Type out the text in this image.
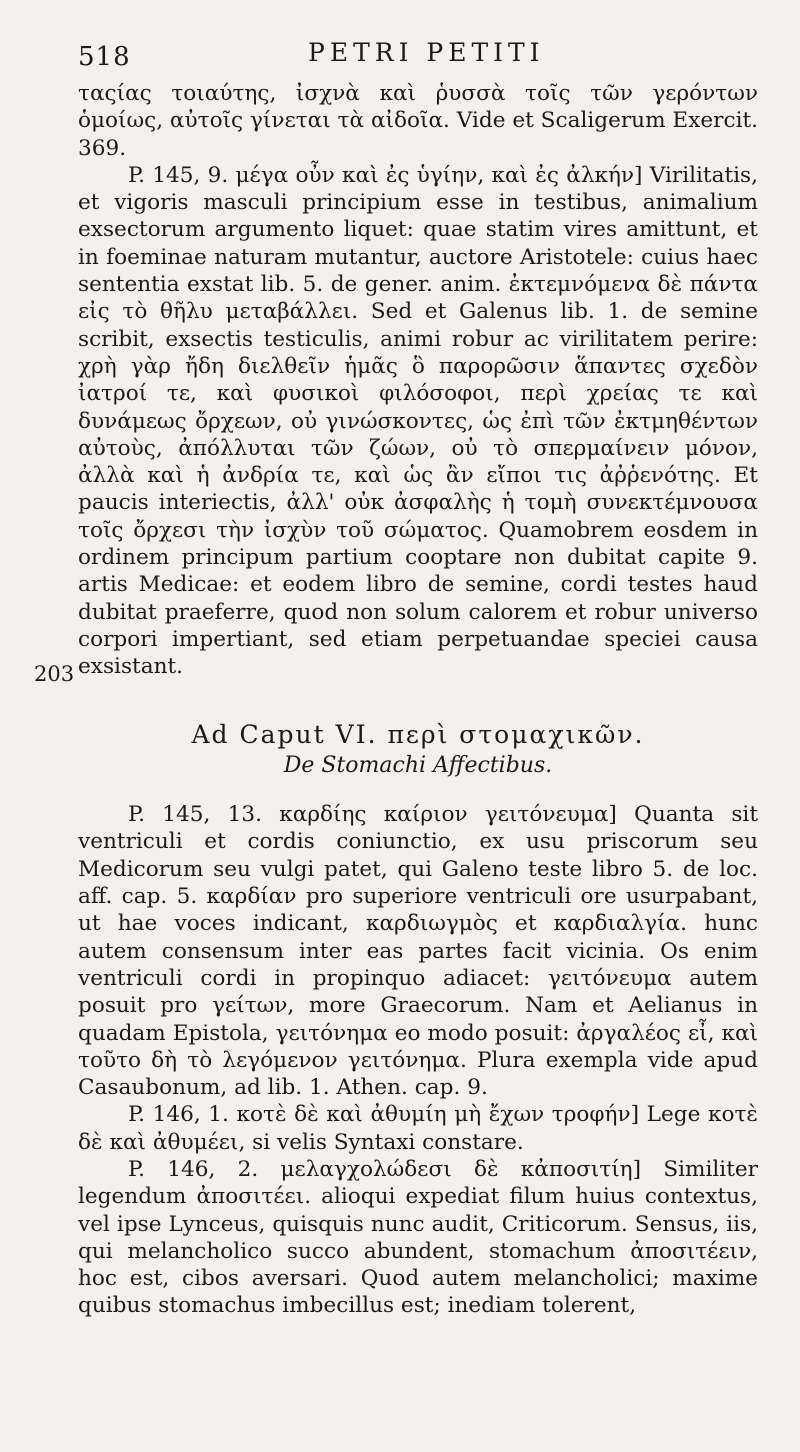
518	PETRI PETITI

ταςίας τοιαύτης, ἰσχνὰ καὶ ῥυσσὰ τοῖς τῶν γερόντων ὁμοίως, αὐτοῖς γίνεται τὰ αἰδοῖα. Vide et Scaligerum Exercit. 369.

P. 145, 9. μέγα οὖν καὶ ἐς ὑγίην, καὶ ἐς ἀλκήν] Virilitatis, et vigoris masculi principium esse in testibus, animalium exsectorum argumento liquet: quae statim vires amittunt, et in foeminae naturam mutantur, auctore Aristotele: cuius haec sententia exstat lib. 5. de gener. anim. ἐκτεμνόμενα δὲ πάντα εἰς τὸ θῆλυ μεταβάλλει. Sed et Galenus lib. 1. de semine scribit, exsectis testiculis, animi robur ac virilitatem perire: χρὴ γὰρ ἤδη διελθεῖν ἡμᾶς ὃ παρορῶσιν ἅπαντες σχεδὸν ἰατροί τε, καὶ φυσικοὶ φιλόσοφοι, περὶ χρείας τε καὶ δυνάμεως ὄρχεων, οὐ γινώσκοντες, ὡς ἐπὶ τῶν ἐκτμηθέντων αὐτοὺς, ἀπόλλυται τῶν ζώων, οὐ τὸ σπερμαίνειν μόνον, ἀλλὰ καὶ ἡ ἀνδρία τε, καὶ ὡς ἂν εἴποι τις ἀῤῥενότης. Et paucis interiectis, ἀλλ' οὐκ ἀσφαλὴς ἡ τομὴ συνεκτέμνουσα τοῖς ὄρχεσι τὴν ἰσχὺν τοῦ σώματος. Quamobrem eosdem in ordinem principum partium cooptare non dubitat capite 9. artis Medicae: et eodem libro de semine, cordi testes haud dubitat praeferre, quod non solum calorem et robur universo corpori impertiant, sed etiam perpetuandae speciei causa exsistant.

Ad Caput VI. περὶ στομαχικῶν.
De Stomachi Affectibus.

P. 145, 13. καρδίης καίριον γειτόνευμα] Quanta sit ventriculi et cordis coniunctio, ex usu priscorum seu Medicorum seu vulgi patet, qui Galeno teste libro 5. de loc. aff. cap. 5. καρδίαν pro superiore ventriculi ore usurpabant, ut hae voces indicant, καρδιωγμὸς et καρδιαλγία. hunc autem consensum inter eas partes facit vicinia. Os enim ventriculi cordi in propinquo adiacet: γειτόνευμα autem posuit pro γείτων, more Graecorum. Nam et Aelianus in quadam Epistola, γειτόνημα eo modo posuit: ἀργαλέος εἶ, καὶ τοῦτο δὴ τὸ λεγόμενον γειτόνημα. Plura exempla vide apud Casaubonum, ad lib. 1. Athen. cap. 9.

P. 146, 1. κοτὲ δὲ καὶ ἀθυμίη μὴ ἔχων τροφήν] Lege κοτὲ δὲ καὶ ἀθυμέει, si velis Syntaxi constare.

P. 146, 2. μελαγχολώδεσι δὲ κἀποσιτίη] Similiter legendum ἀποσιτέει. alioqui expediat filum huius contextus, vel ipse Lynceus, quisquis nunc audit, Criticorum. Sensus, iis, qui melancholico succo abundent, stomachum ἀποσιτέειν, hoc est, cibos aversari. Quod autem melancholici; maxime quibus stomachus imbecillus est; inediam tolerent,

203
